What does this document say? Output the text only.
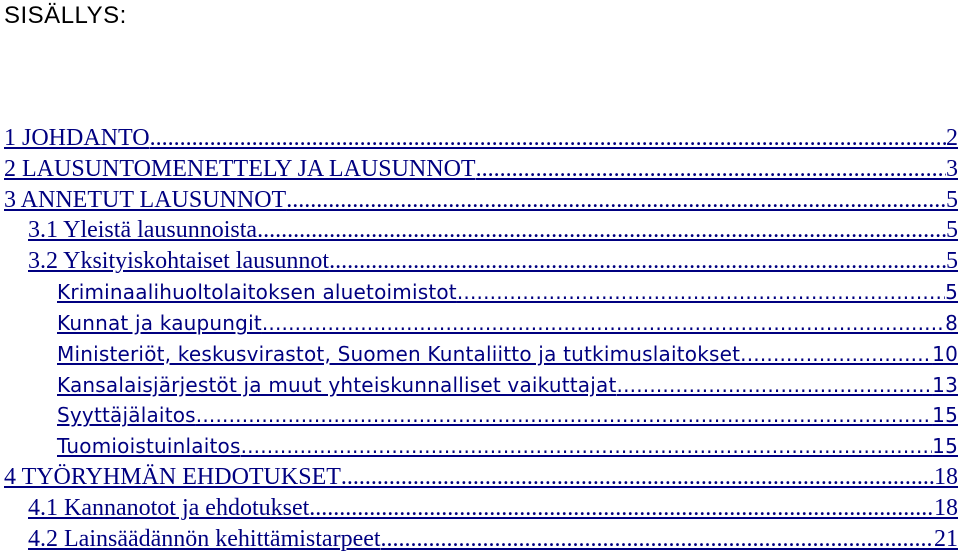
SISÄLLYS:
1 JOHDANTO .....	2
2 LAUSUNTOMENETTELY JA LAUSUNNOT .....	3
3 ANNETUT LAUSUNNOT .....	5
3.1 Yleistä lausunnoista .....	5
3.2 Yksityiskohtaiset lausunnot .....	5
Kriminaalihuoltolaitoksen aluetoimistot .....	5
Kunnat ja kaupungit .....	8
Ministeriöt, keskusvirastot, Suomen Kuntaliitto ja tutkimuslaitokset .....	10
Kansalaisjärjestöt ja muut yhteiskunnalliset vaikuttajat .....	13
Syyttäjälaitos .....	15
Tuomioistuinlaitos .....	15
4 TYÖRYHMÄN EHDOTUKSET .....	18
4.1 Kannanotot ja ehdotukset .....	18
4.2 Lainsäädännön kehittämistarpeet .....	21
